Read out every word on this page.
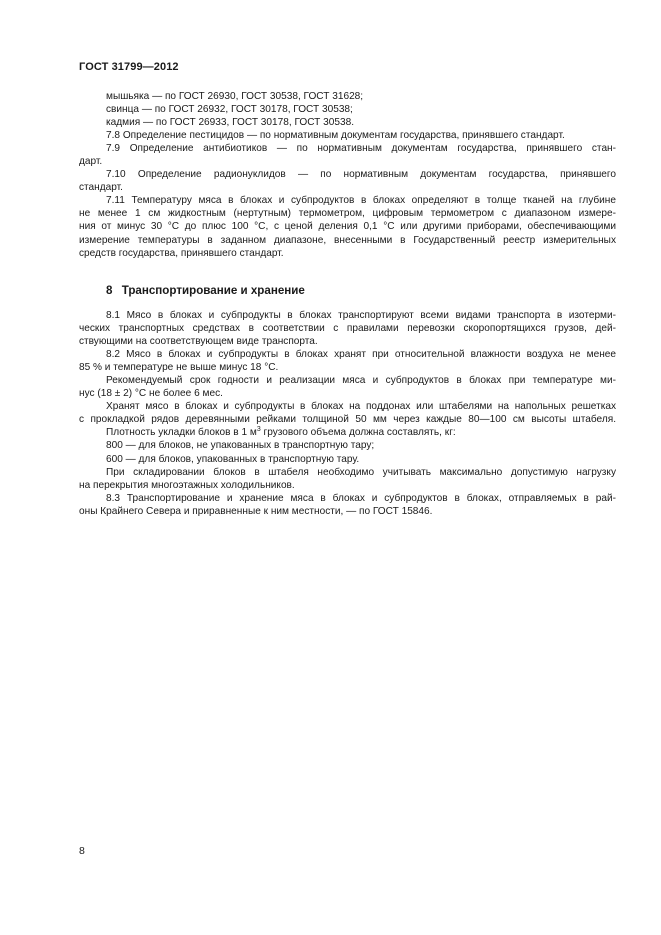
ГОСТ 31799—2012
мышьяка — по ГОСТ 26930, ГОСТ 30538, ГОСТ 31628;
свинца — по ГОСТ 26932, ГОСТ 30178, ГОСТ 30538;
кадмия — по ГОСТ 26933, ГОСТ 30178, ГОСТ 30538.
7.8 Определение пестицидов — по нормативным документам государства, принявшего стандарт.
7.9 Определение антибиотиков — по нормативным документам государства, принявшего стан-
дарт.
7.10 Определение радионуклидов — по нормативным документам государства, принявшего
стандарт.
7.11 Температуру мяса в блоках и субпродуктов в блоках определяют в толще тканей на глубине
не менее 1 см жидкостным (нертутным) термометром, цифровым термометром с диапазоном измере-
ния от минус 30 °С до плюс 100 °С, с ценой деления 0,1 °С или другими приборами, обеспечивающими
измерение температуры в заданном диапазоне, внесенными в Государственный реестр измерительных
средств государства, принявшего стандарт.
8 Транспортирование и хранение
8.1 Мясо в блоках и субпродукты в блоках транспортируют всеми видами транспорта в изотерми-
ческих транспортных средствах в соответствии с правилами перевозки скоропортящихся грузов, дей-
ствующими на соответствующем виде транспорта.
8.2 Мясо в блоках и субпродукты в блоках хранят при относительной влажности воздуха не менее
85 % и температуре не выше минус 18 °С.
Рекомендуемый срок годности и реализации мяса и субпродуктов в блоках при температуре ми-
нус (18 ± 2) °С не более 6 мес.
Хранят мясо в блоках и субпродукты в блоках на поддонах или штабелями на напольных решетках
с прокладкой рядов деревянными рейками толщиной 50 мм через каждые 80—100 см высоты штабеля.
Плотность укладки блоков в 1 $м^3$ грузового объема должна составлять, кг:
800 — для блоков, не упакованных в транспортную тару;
600 — для блоков, упакованных в транспортную тару.
При складировании блоков в штабеля необходимо учитывать максимально допустимую нагрузку
на перекрытия многоэтажных холодильников.
8.3 Транспортирование и хранение мяса в блоках и субпродуктов в блоках, отправляемых в рай-
оны Крайнего Севера и приравненные к ним местности, — по ГОСТ 15846.
8
